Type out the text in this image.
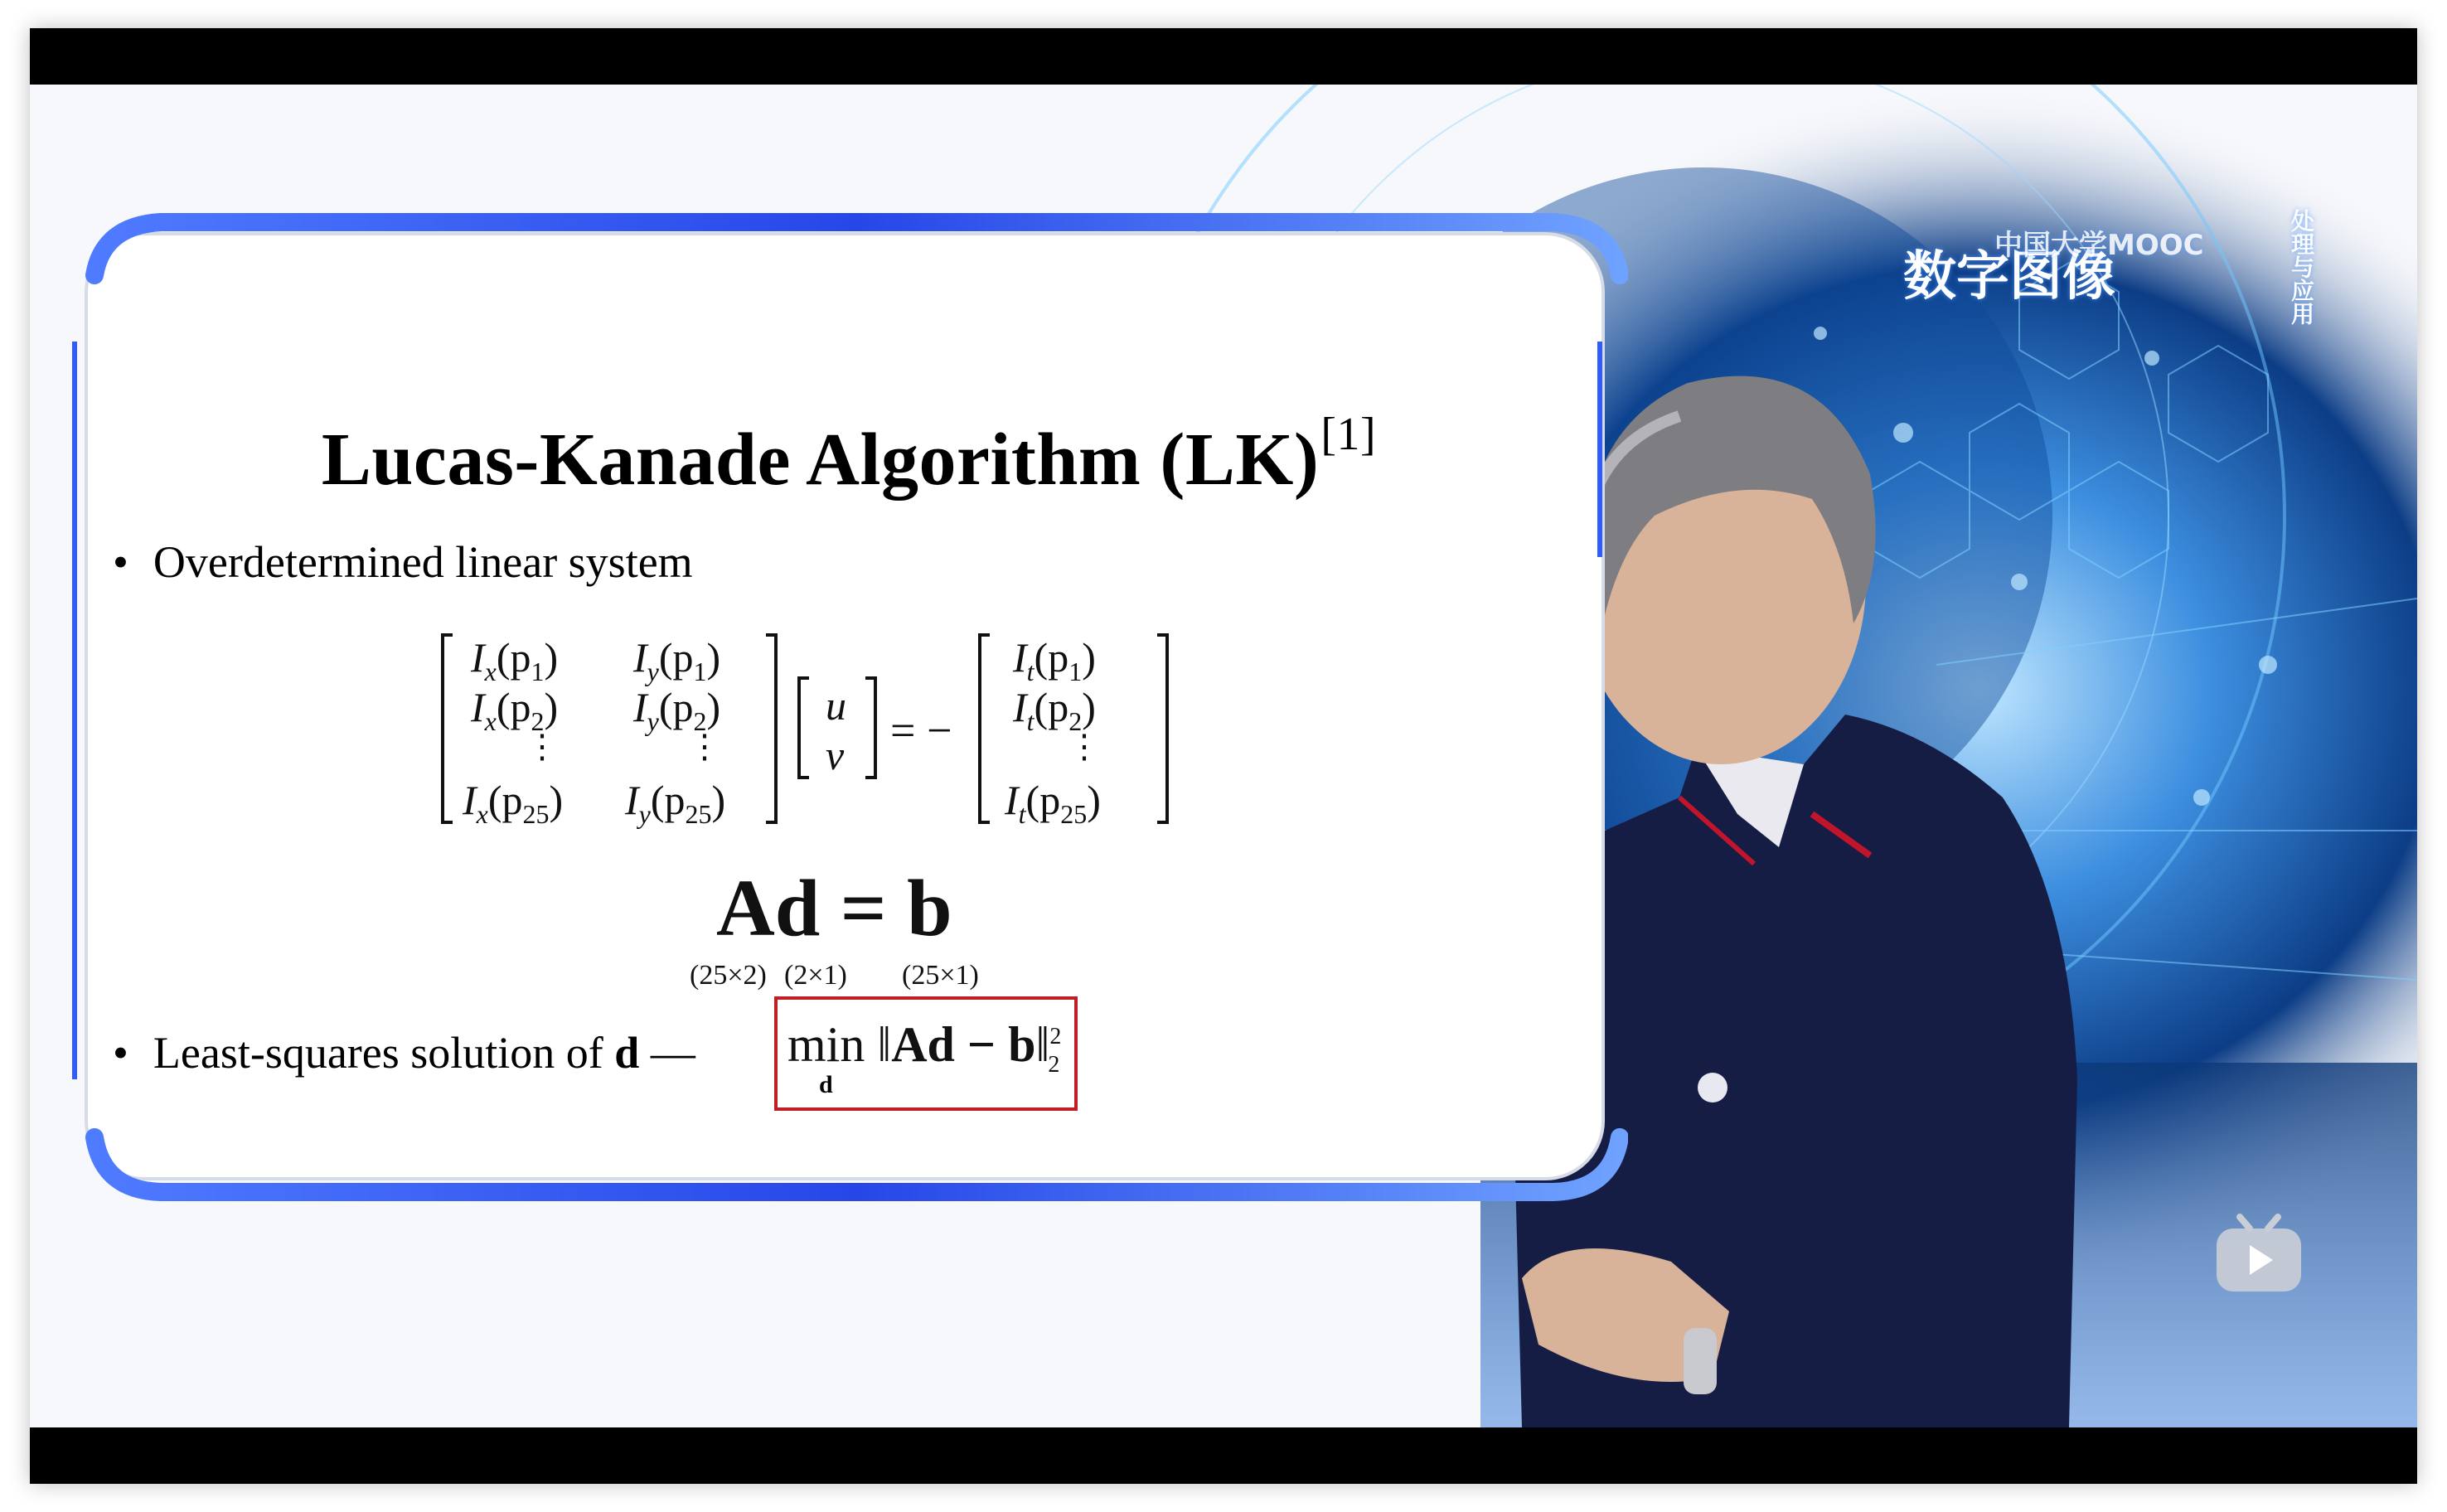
Lucas-Kanade Algorithm (LK)[1]
• Overdetermined linear system
$I_x(p_1)$ $I_y(p_1)$
$I_x(p_2)$ $I_y(p_2)$
⋮	⋮
$I_x(p_{25})$ $I_y(p_{25})$
u
v = −
$I_t(p_1)$
$I_t(p_2)$
⋮
$I_t(p_{25})$
Ad = b
(25×2) (2×1) (25×1)
• Least-squares solution of d — min ‖Ad − b‖$^2_2$
d
数字图像
中国大学MOOC	处理与应用
